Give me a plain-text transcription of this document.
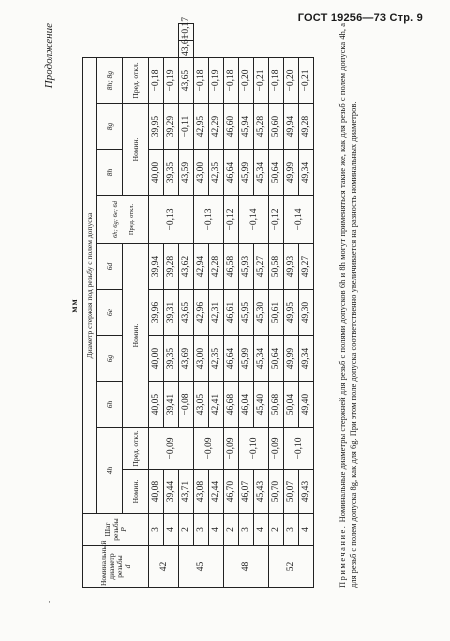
ГОСТ 19256—73 Стр. 9
Продолжение
мм
Номинальный диаметр резьбы
d	Шаг резьбы
P	Диаметр стержня под резьбу с полем допуска											
		4h		6h	6g	6e	6d	6h; 6g; 6e; 6d Пред. откл.	8h	8g	8h; 8g		
		Номин.	Пред. откл.	Номин.					Номин.		Пред. откл.		
42	3	40,08	−0,09	40,05	40,00	39,96	39,94	−0,13	40,00	39,95	−0,18		
	4	39,44		39,41	39,35	39,31	39,28		39,35	39,29	−0,19		
45	2	43,71		−0,08	43,69	43,65	43,62		43,59	−0,11	43,65	43,61	−0,17
	3	43,08	−0,09	43,05	43,00	42,96	42,94	−0,13	43,00	42,95	−0,18		
	4	42,44		42,41	42,35	42,31	42,28		42,35	42,29	−0,19		
48	2	46,70	−0,09	46,68	46,64	46,61	46,58	−0,12	46,64	46,60	−0,18		
	3	46,07	−0,10	46,04	45,99	45,95	45,93	−0,14	45,99	45,94	−0,20		
	4	45,43		45,40	45,34	45,30	45,27		45,34	45,28	−0,21		
52	2	50,70	−0,09	50,68	50,64	50,61	50,58	−0,12	50,64	50,60	−0,18		
	3	50,07	−0,10	50,04	49,99	49,95	49,93	−0,14	49,99	49,94	−0,20		
	4	49,43		49,40	49,34	49,30	49,27		49,34	49,28	−0,21		
Примечание. Номинальные диаметры стержней для резьб с полями допусков 6h и 8h могут применяться такие же, как для резьб с полем допуска 4h, а для резьб с полем допуска 8g, как для 6g. При этом поле допуска соответственно увеличивается на разность номинальных диаметров.
·
